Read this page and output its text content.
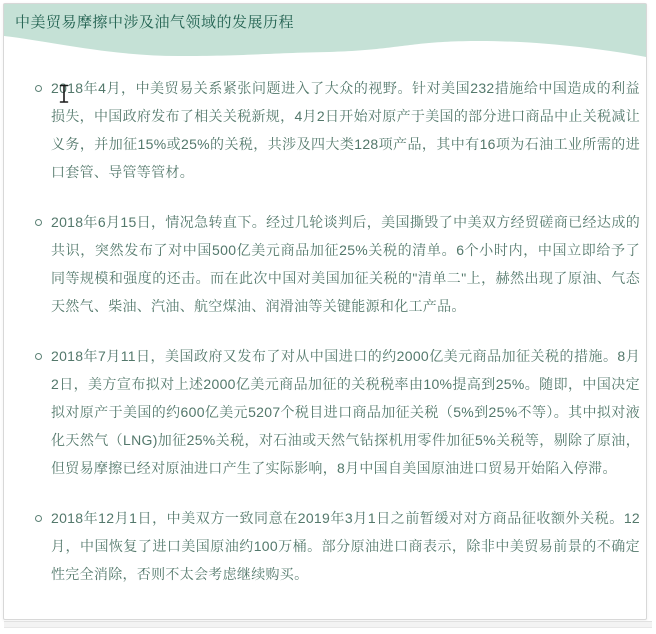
中美贸易摩擦中涉及油气领域的发展历程
2018年4月，中美贸易关系紧张问题进入了大众的视野。针对美国232措施给中国造成的利益损失，中国政府发布了相关关税新规，4月2日开始对原产于美国的部分进口商品中止关税减让义务，并加征15%或25%的关税，共涉及四大类128项产品，其中有16项为石油工业所需的进口套管、导管等管材。
2018年6月15日，情况急转直下。经过几轮谈判后，美国撕毁了中美双方经贸磋商已经达成的共识，突然发布了对中国500亿美元商品加征25%关税的清单。6个小时内，中国立即给予了同等规模和强度的还击。而在此次中国对美国加征关税的"清单二"上，赫然出现了原油、气态天然气、柴油、汽油、航空煤油、润滑油等关键能源和化工产品。
2018年7月11日，美国政府又发布了对从中国进口的约2000亿美元商品加征关税的措施。8月2日，美方宣布拟对上述2000亿美元商品加征的关税税率由10%提高到25%。随即，中国决定拟对原产于美国的约600亿美元5207个税目进口商品加征关税（5%到25%不等）。其中拟对液化天然气（LNG)加征25%关税，对石油或天然气钻探机用零件加征5%关税等，剔除了原油，但贸易摩擦已经对原油进口产生了实际影响，8月中国自美国原油进口贸易开始陷入停滞。
2018年12月1日，中美双方一致同意在2019年3月1日之前暂缓对对方商品征收额外关税。12月，中国恢复了进口美国原油约100万桶。部分原油进口商表示，除非中美贸易前景的不确定性完全消除，否则不太会考虑继续购买。
